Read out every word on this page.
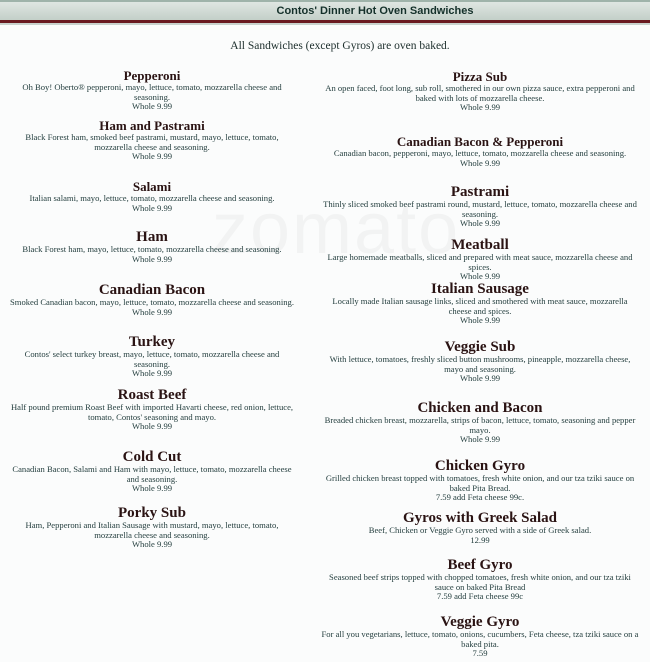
Contos' Dinner Hot Oven Sandwiches
All Sandwiches (except Gyros) are oven baked.
Pepperoni
Oh Boy! Oberto® pepperoni, mayo, lettuce, tomato, mozzarella cheese and seasoning.
Whole 9.99
Ham and Pastrami
Black Forest ham, smoked beef pastrami, mustard, mayo, lettuce, tomato, mozzarella cheese and seasoning.
Whole 9.99
Salami
Italian salami, mayo, lettuce, tomato, mozzarella cheese and seasoning.
Whole 9.99
Ham
Black Forest ham, mayo, lettuce, tomato, mozzarella cheese and seasoning.
Whole 9.99
Canadian Bacon
Smoked Canadian bacon, mayo, lettuce, tomato, mozzarella cheese and seasoning.
Whole 9.99
Turkey
Contos' select turkey breast, mayo, lettuce, tomato, mozzarella cheese and seasoning.
Whole 9.99
Roast Beef
Half pound premium Roast Beef with imported Havarti cheese, red onion, lettuce, tomato, Contos' seasoning and mayo.
Whole 9.99
Cold Cut
Canadian Bacon, Salami and Ham with mayo, lettuce, tomato, mozzarella cheese and seasoning.
Whole 9.99
Porky Sub
Ham, Pepperoni and Italian Sausage with mustard, mayo, lettuce, tomato, mozzarella cheese and seasoning.
Whole 9.99
Pizza Sub
An open faced, foot long, sub roll, smothered in our own pizza sauce, extra pepperoni and baked with lots of mozzarella cheese.
Whole 9.99
Canadian Bacon & Pepperoni
Canadian bacon, pepperoni, mayo, lettuce, tomato, mozzarella cheese and seasoning.
Whole 9.99
Pastrami
Thinly sliced smoked beef pastrami round, mustard, lettuce, tomato, mozzarella cheese and seasoning.
Whole 9.99
Meatball
Large homemade meatballs, sliced and prepared with meat sauce, mozzarella cheese and spices.
Whole 9.99
Italian Sausage
Locally made Italian sausage links, sliced and smothered with meat sauce, mozzarella cheese and spices.
Whole 9.99
Veggie Sub
With lettuce, tomatoes, freshly sliced button mushrooms, pineapple, mozzarella cheese, mayo and seasoning.
Whole 9.99
Chicken and Bacon
Breaded chicken breast, mozzarella, strips of bacon, lettuce, tomato, seasoning and pepper mayo.
Whole 9.99
Chicken Gyro
Grilled chicken breast topped with tomatoes, fresh white onion, and our tza tziki sauce on baked Pita Bread.
7.59 add Feta cheese 99c.
Gyros with Greek Salad
Beef, Chicken or Veggie Gyro served with a side of Greek salad.
12.99
Beef Gyro
Seasoned beef strips topped with chopped tomatoes, fresh white onion, and our tza tziki sauce on baked Pita Bread
7.59 add Feta cheese 99c
Veggie Gyro
For all you vegetarians, lettuce, tomato, onions, cucumbers, Feta cheese, tza tziki sauce on a baked pita.
7.59
